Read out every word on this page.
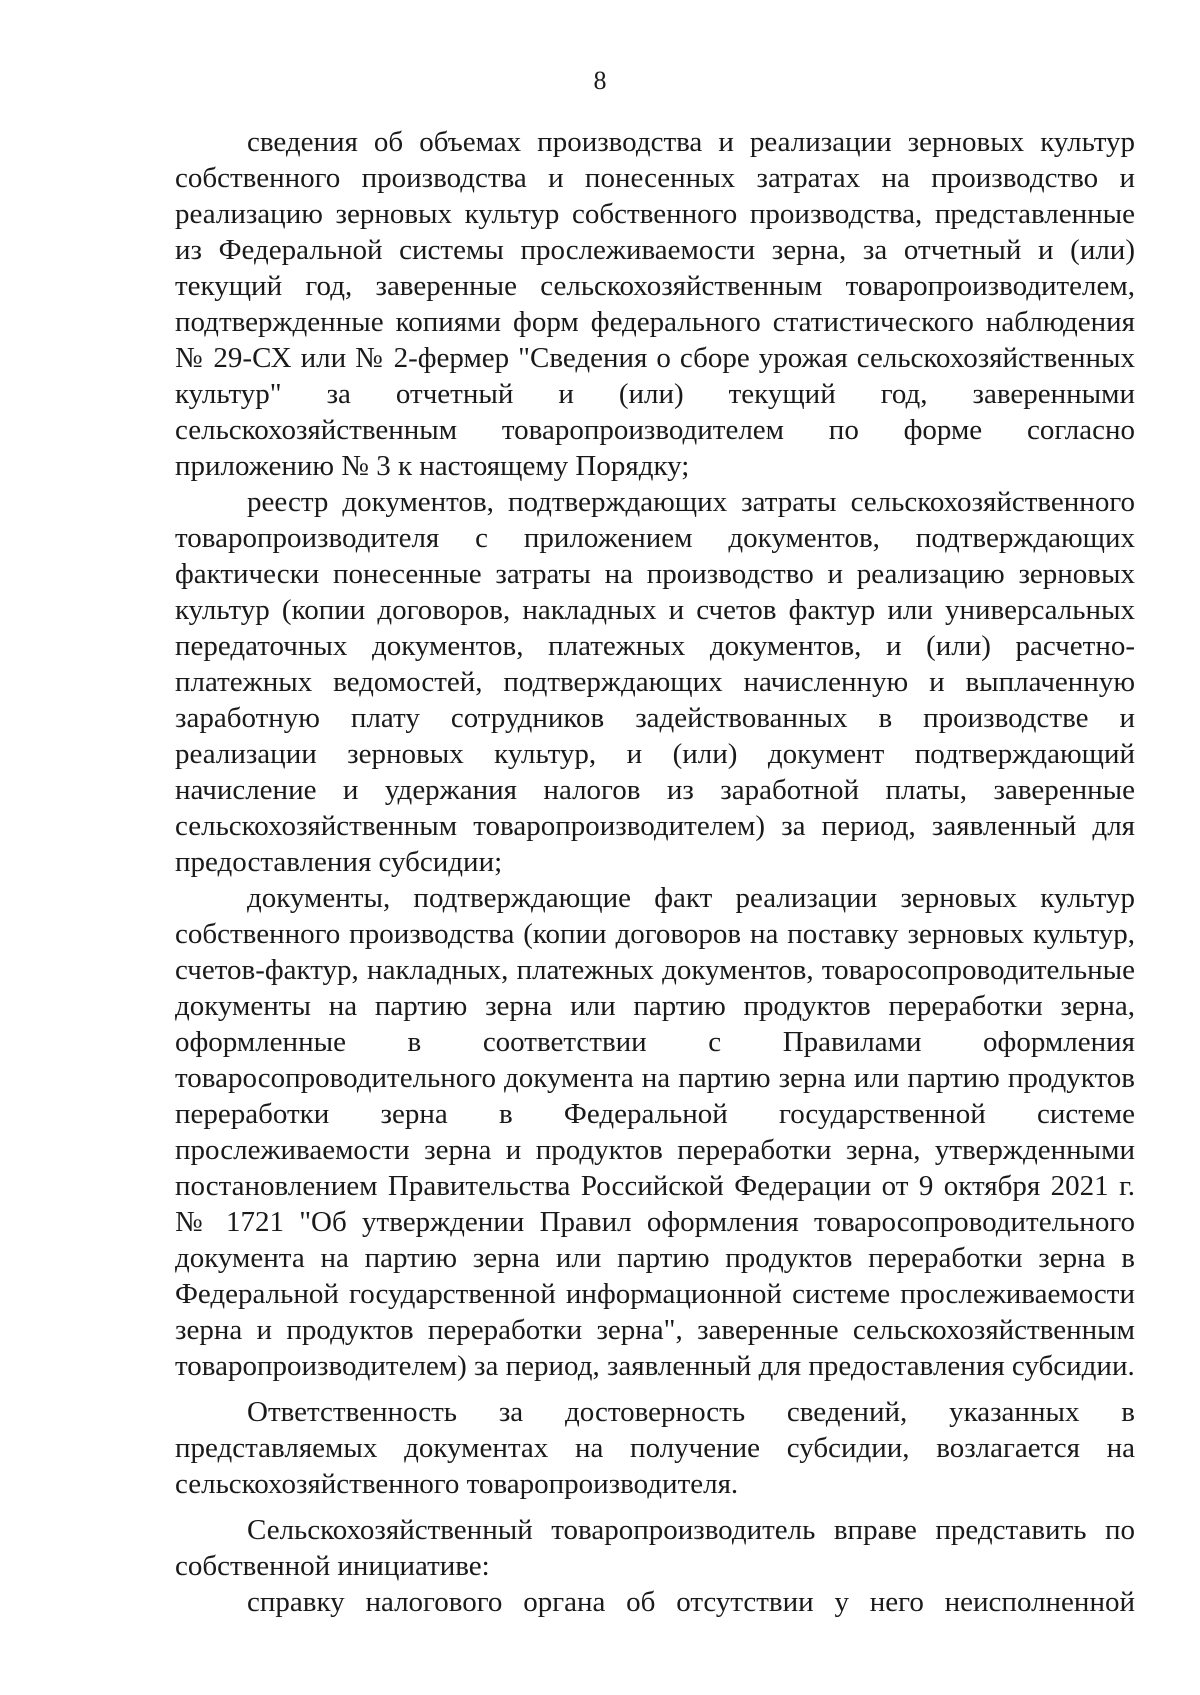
8

сведения об объемах производства и реализации зерновых культур собственного производства и понесенных затратах на производство и реализацию зерновых культур собственного производства, представленные из Федеральной системы прослеживаемости зерна, за отчетный и (или) текущий год, заверенные сельскохозяйственным товаропроизводителем, подтвержденные копиями форм федерального статистического наблюдения № 29-СХ или № 2-фермер "Сведения о сборе урожая сельскохозяйственных культур" за отчетный и (или) текущий год, заверенными сельскохозяйственным товаропроизводителем по форме согласно приложению № 3 к настоящему Порядку;

реестр документов, подтверждающих затраты сельскохозяйственного товаропроизводителя с приложением документов, подтверждающих фактически понесенные затраты на производство и реализацию зерновых культур (копии договоров, накладных и счетов фактур или универсальных передаточных документов, платежных документов, и (или) расчетно-платежных ведомостей, подтверждающих начисленную и выплаченную заработную плату сотрудников задействованных в производстве и реализации зерновых культур, и (или) документ подтверждающий начисление и удержания налогов из заработной платы, заверенные сельскохозяйственным товаропроизводителем) за период, заявленный для предоставления субсидии;

документы, подтверждающие факт реализации зерновых культур собственного производства (копии договоров на поставку зерновых культур, счетов-фактур, накладных, платежных документов, товаросопроводительные документы на партию зерна или партию продуктов переработки зерна, оформленные в соответствии с Правилами оформления товаросопроводительного документа на партию зерна или партию продуктов переработки зерна в Федеральной государственной системе прослеживаемости зерна и продуктов переработки зерна, утвержденными постановлением Правительства Российской Федерации от 9 октября 2021 г. № 1721 "Об утверждении Правил оформления товаросопроводительного документа на партию зерна или партию продуктов переработки зерна в Федеральной государственной информационной системе прослеживаемости зерна и продуктов переработки зерна", заверенные сельскохозяйственным товаропроизводителем) за период, заявленный для предоставления субсидии.

Ответственность за достоверность сведений, указанных в представляемых документах на получение субсидии, возлагается на сельскохозяйственного товаропроизводителя.

Сельскохозяйственный товаропроизводитель вправе представить по собственной инициативе:

справку налогового органа об отсутствии у него неисполненной
